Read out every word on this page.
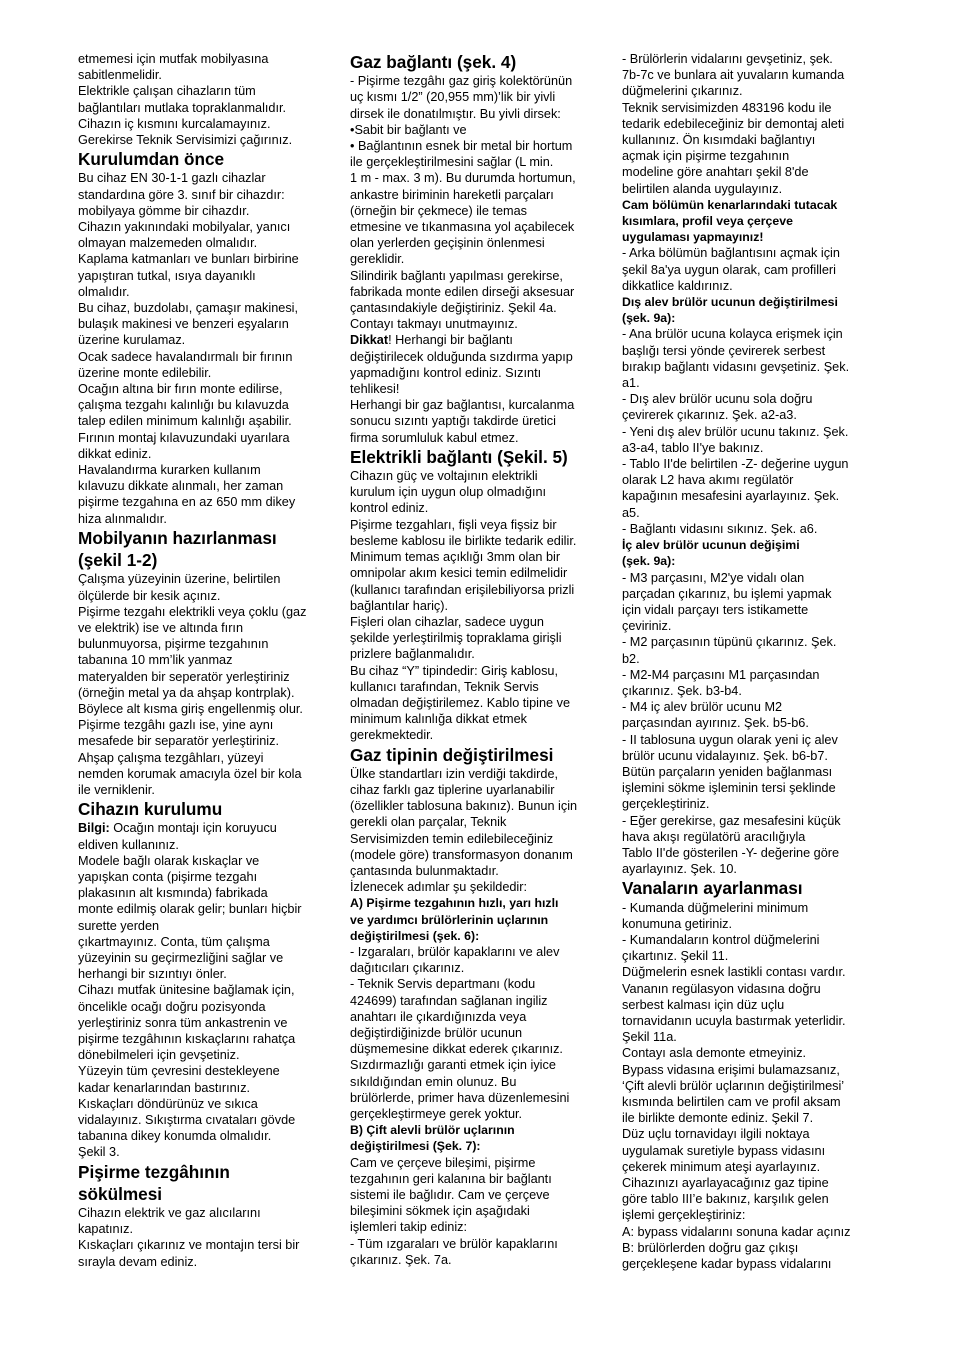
etmemesi için mutfak mobilyasına
sabitlenmelidir.
Elektrikle çalışan cihazların tüm
bağlantıları mutlaka topraklanmalıdır.
Cihazın iç kısmını kurcalamayınız.
Gerekirse Teknik Servisimizi çağırınız.
Kurulumdan önce
Bu cihaz EN 30-1-1 gazlı cihazlar
standardına göre 3. sınıf bir cihazdır:
mobilyaya gömme bir cihazdır.
Cihazın yakınındaki mobilyalar, yanıcı
olmayan malzemeden olmalıdır.
Kaplama katmanları ve bunları birbirine
yapıştıran tutkal, ısıya dayanıklı
olmalıdır.
Bu cihaz, buzdolabı, çamaşır makinesi,
bulaşık makinesi ve benzeri eşyaların
üzerine kurulamaz.
Ocak sadece havalandırmalı bir fırının
üzerine monte edilebilir.
Ocağın altına bir fırın monte edilirse,
çalışma tezgahı kalınlığı bu kılavuzda
talep edilen minimum kalınlığı aşabilir.
Fırının montaj kılavuzundaki uyarılara
dikkat ediniz.
Havalandırma kurarken kullanım
kılavuzu dikkate alınmalı, her zaman
pişirme tezgahına en az 650 mm dikey
hiza alınmalıdır.
Mobilyanın hazırlanması
(şekil 1-2)
Çalışma yüzeyinin üzerine, belirtilen
ölçülerde bir kesik açınız.
Pişirme tezgahı elektrikli veya çoklu (gaz
ve elektrik) ise ve altında fırın
bulunmuyorsa, pişirme tezgahının
tabanına 10 mm’lik yanmaz
materyalden bir seperatör yerleştiriniz
(örneğin metal ya da ahşap kontrplak).
Böylece alt kısma giriş engellenmiş olur.
Pişirme tezgâhı gazlı ise, yine aynı
mesafede bir separatör yerleştiriniz.
Ahşap çalışma tezgâhları, yüzeyi
nemden korumak amacıyla özel bir kola
ile verniklenir.
Cihazın kurulumu
Bilgi: Ocağın montajı için koruyucu
eldiven kullanınız.
Modele bağlı olarak kıskaçlar ve
yapışkan conta (pişirme tezgahı
plakasının alt kısmında) fabrikada
monte edilmiş olarak gelir; bunları hiçbir
surette yerden
çıkartmayınız. Conta, tüm çalışma
yüzeyinin su geçirmezliğini sağlar ve
herhangi bir sızıntıyı önler.
Cihazı mutfak ünitesine bağlamak için,
öncelikle ocağı doğru pozisyonda
yerleştiriniz sonra tüm ankastrenin ve
pişirme tezgâhının kıskaçlarını rahatça
dönebilmeleri için gevşetiniz.
Yüzeyin tüm çevresini destekleyene
kadar kenarlarından bastırınız.
Kıskaçları döndürünüz ve sıkıca
vidalayınız. Sıkıştırma cıvataları gövde
tabanına dikey konumda olmalıdır.
Şekil 3.
Pişirme tezgâhının
sökülmesi
Cihazın elektrik ve gaz alıcılarını
kapatınız.
Kıskaçları çıkarınız ve montajın tersi bir
sırayla devam ediniz.
Gaz bağlantı (şek. 4)
- Pişirme tezgâhı gaz giriş kolektörünün
uç kısmı 1/2” (20,955 mm)’lik bir yivli
dirsek ile donatılmıştır. Bu yivli dirsek:
•Sabit bir bağlantı ve
• Bağlantının esnek bir metal bir hortum
ile gerçekleştirilmesini sağlar (L min.
1 m - max. 3 m). Bu durumda hortumun,
ankastre biriminin hareketli parçaları
(örneğin bir çekmece) ile temas
etmesine ve tıkanmasına yol açabilecek
olan yerlerden geçişinin önlenmesi
gereklidir.
Silindirik bağlantı yapılması gerekirse,
fabrikada monte edilen dirseği aksesuar
çantasındakiyle değiştiriniz. Şekil 4a.
Contayı takmayı unutmayınız.
Dikkat! Herhangi bir bağlantı
değiştirilecek olduğunda sızdırma yapıp
yapmadığını kontrol ediniz. Sızıntı
tehlikesi!
Herhangi bir gaz bağlantısı, kurcalanma
sonucu sızıntı yaptığı takdirde üretici
firma sorumluluk kabul etmez.
Elektrikli bağlantı (Şekil. 5)
Cihazın güç ve voltajının elektrikli
kurulum için uygun olup olmadığını
kontrol ediniz.
Pişirme tezgahları, fişli veya fişsiz bir
besleme kablosu ile birlikte tedarik edilir.
Minimum temas açıklığı 3mm olan bir
omnipolar akım kesici temin edilmelidir
(kullanıcı tarafından erişilebiliyorsa prizli
bağlantılar hariç).
Fişleri olan cihazlar, sadece uygun
şekilde yerleştirilmiş topraklama girişli
prizlere bağlanmalıdır.
Bu cihaz “Y” tipindedir: Giriş kablosu,
kullanıcı tarafından, Teknik Servis
olmadan değiştirilemez. Kablo tipine ve
minimum kalınlığa dikkat etmek
gerekmektedir.
Gaz tipinin değiştirilmesi
Ülke standartları izin verdiği takdirde,
cihaz farklı gaz tiplerine uyarlanabilir
(özellikler tablosuna bakınız). Bunun için
gerekli olan parçalar, Teknik
Servisimizden temin edilebileceğiniz
(modele göre) transformasyon donanım
çantasında bulunmaktadır.
İzlenecek adımlar şu şekildedir:
A) Pişirme tezgahının hızlı, yarı hızlı
ve yardımcı brülörlerinin uçlarının
değiştirilmesi (şek. 6):
- Izgaraları, brülör kapaklarını ve alev
dağıtıcıları çıkarınız.
- Teknik Servis departmanı (kodu
424699) tarafından sağlanan ingiliz
anahtarı ile çıkardığınızda veya
değiştirdiğinizde brülör ucunun
düşmemesine dikkat ederek çıkarınız.
Sızdırmazlığı garanti etmek için iyice
sıkıldığından emin olunuz. Bu
brülörlerde, primer hava düzenlemesini
gerçekleştirmeye gerek yoktur.
B) Çift alevli brülör uçlarının
değiştirilmesi (Şek. 7):
Cam ve çerçeve bileşimi, pişirme
tezgahının geri kalanına bir bağlantı
sistemi ile bağlıdır. Cam ve çerçeve
bileşimini sökmek için aşağıdaki
işlemleri takip ediniz:
- Tüm ızgaraları ve brülör kapaklarını
çıkarınız. Şek. 7a.
- Brülörlerin vidalarını gevşetiniz, şek.
7b-7c ve bunlara ait yuvaların kumanda
düğmelerini çıkarınız.
Teknik servisimizden 483196 kodu ile
tedarik edebileceğiniz bir demontaj aleti
kullanınız. Ön kısımdaki bağlantıyı
açmak için pişirme tezgahının
modeline göre anahtarı şekil 8'de
belirtilen alanda uygulayınız.
Cam bölümün kenarlarındaki tutacak
kısımlara, profil veya çerçeve
uygulaması yapmayınız!
- Arka bölümün bağlantısını açmak için
şekil 8a'ya uygun olarak, cam profilleri
dikkatlice kaldırınız.
Dış alev brülör ucunun değiştirilmesi
(şek. 9a):
- Ana brülör ucuna kolayca erişmek için
başlığı tersi yönde çevirerek serbest
bırakıp bağlantı vidasını gevşetiniz. Şek.
a1.
- Dış alev brülör ucunu sola doğru
çevirerek çıkarınız. Şek. a2-a3.
- Yeni dış alev brülör ucunu takınız. Şek.
a3-a4, tablo II'ye bakınız.
- Tablo II'de belirtilen -Z- değerine uygun
olarak L2 hava akımı regülatör
kapağının mesafesini ayarlayınız. Şek.
a5.
- Bağlantı vidasını sıkınız. Şek. a6.
İç alev brülör ucunun değişimi
(şek. 9a):
- M3 parçasını, M2'ye vidalı olan
parçadan çıkarınız, bu işlemi yapmak
için vidalı parçayı ters istikamette
çeviriniz.
- M2 parçasının tüpünü çıkarınız. Şek.
b2.
- M2-M4 parçasını M1 parçasından
çıkarınız. Şek. b3-b4.
- M4 iç alev brülör ucunu M2
parçasından ayırınız. Şek. b5-b6.
- II tablosuna uygun olarak yeni iç alev
brülör ucunu vidalayınız. Şek. b6-b7.
Bütün parçaların yeniden bağlanması
işlemini sökme işleminin tersi şeklinde
gerçekleştiriniz.
- Eğer gerekirse, gaz mesafesini küçük
hava akışı regülatörü aracılığıyla
Tablo II'de gösterilen -Y- değerine göre
ayarlayınız. Şek. 10.
Vanaların ayarlanması
- Kumanda düğmelerini minimum
konumuna getiriniz.
- Kumandaların kontrol düğmelerini
çıkartınız. Şekil 11.
Düğmelerin esnek lastikli contası vardır.
Vananın regülasyon vidasına doğru
serbest kalması için düz uçlu
tornavidanın ucuyla bastırmak yeterlidir.
Şekil 11a.
Contayı asla demonte etmeyiniz.
Bypass vidasına erişimi bulamazsanız,
‘Çift alevli brülör uçlarının değiştirilmesi’
kısmında belirtilen cam ve profil aksam
ile birlikte demonte ediniz. Şekil 7.
Düz uçlu tornavidayı ilgili noktaya
uygulamak suretiyle bypass vidasını
çekerek minimum ateşi ayarlayınız.
Cihazınızı ayarlayacağınız gaz tipine
göre tablo III’e bakınız, karşılık gelen
işlemi gerçekleştiriniz:
A: bypass vidalarını sonuna kadar açınız
B: brülörlerden doğru gaz çıkışı
gerçekleşene kadar bypass vidalarını
